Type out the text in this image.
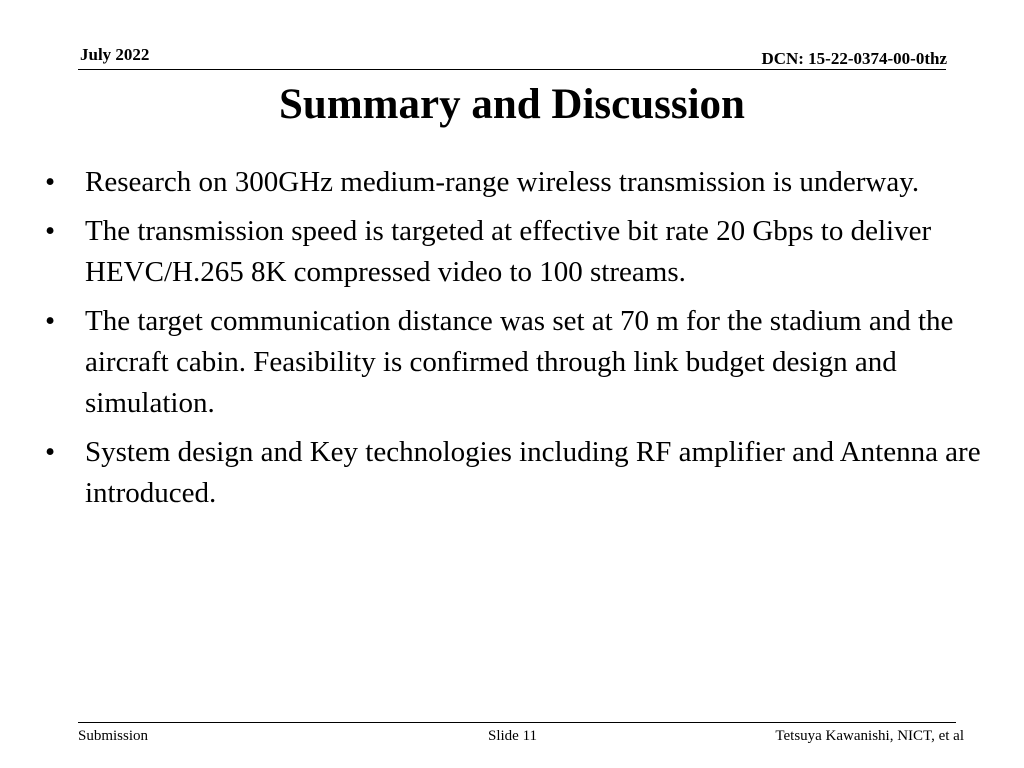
July 2022	DCN: 15-22-0374-00-0thz
Summary and Discussion
•	Research on 300GHz medium-range wireless transmission is underway.
•	The transmission speed is targeted at effective bit rate 20 Gbps to deliver HEVC/H.265 8K compressed video to 100 streams.
•	The target communication distance was set at 70 m for the stadium and the aircraft cabin. Feasibility is confirmed through link budget design and simulation.
•	System design and Key technologies including RF amplifier and Antenna are introduced.
Submission	Slide 11	Tetsuya Kawanishi, NICT, et al
